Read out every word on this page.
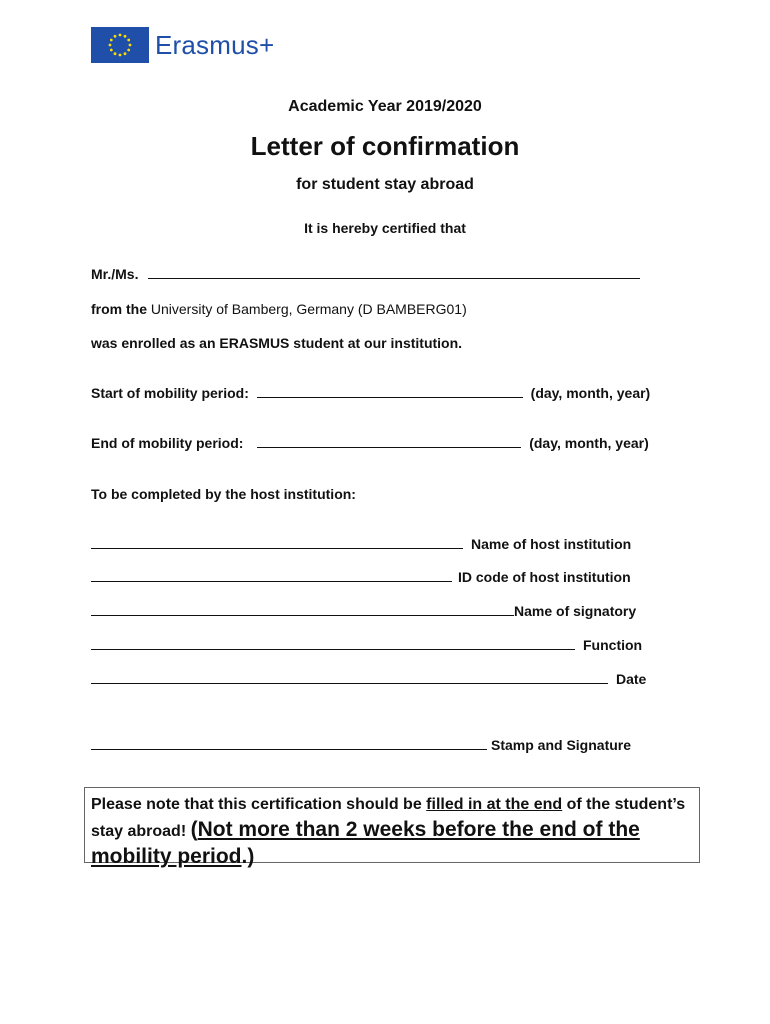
Erasmus+
Academic Year 2019/2020
Letter of confirmation
for student stay abroad
It is hereby certified that
Mr./Ms.
from the University of Bamberg, Germany (D BAMBERG01)
was enrolled as an ERASMUS student at our institution.
Start of mobility period:	(day, month, year)
End of mobility period:	(day, month, year)
To be completed by the host institution:
Name of host institution
ID code of host institution
Name of signatory
Function
Date
Stamp and Signature
Please note that this certification should be filled in at the end of the student’s stay abroad! (Not more than 2 weeks before the end of the mobility period.)
